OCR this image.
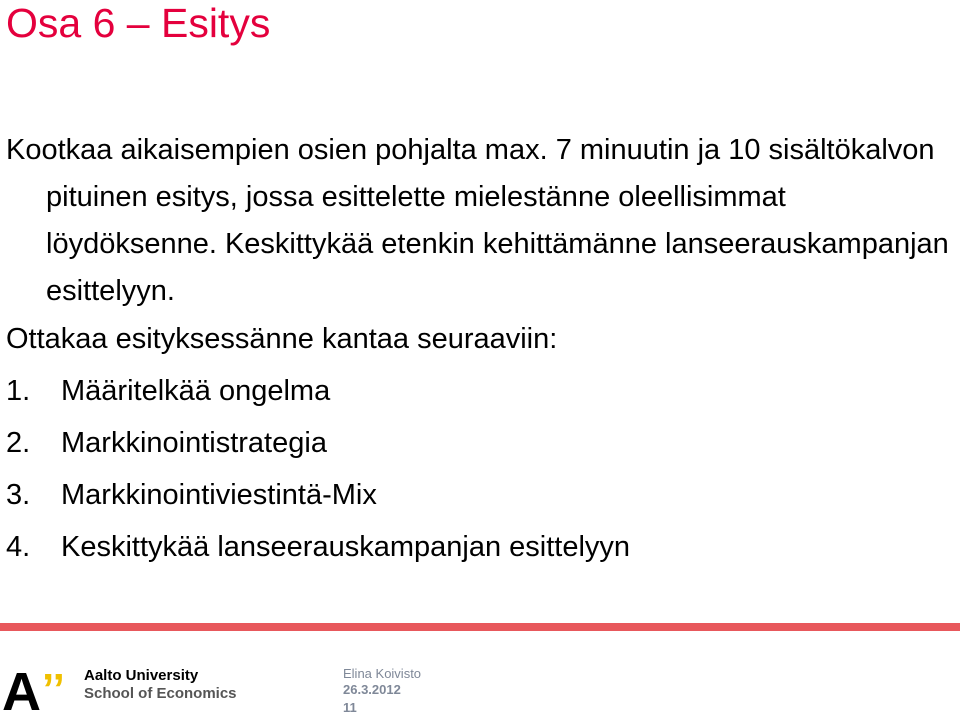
Osa 6 – Esitys

Kootkaa aikaisempien osien pohjalta max. 7 minuutin ja 10 sisältökalvon pituinen esitys, jossa esittelette mielestänne oleellisimmat löydöksenne. Keskittykää etenkin kehittämänne lanseerauskampanjan esittelyyn.

Ottakaa esityksessänne kantaa seuraaviin:

1. Määritelkää ongelma
2. Markkinointistrategia
3. Markkinointiviestintä-Mix
4. Keskittykää lanseerauskampanjan esittelyyn
A ’’ Aalto University
School of Economics
Elina Koivisto
26.3.2012
11
